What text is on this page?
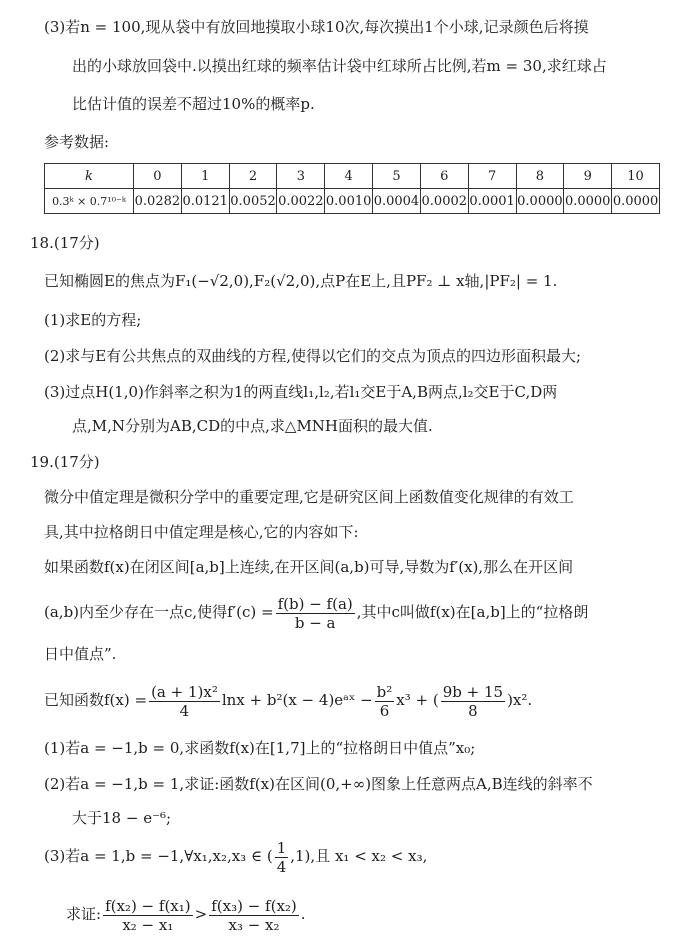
(3)若n = 100,现从袋中有放回地摸取小球10次,每次摸出1个小球,记录颜色后将摸
出的小球放回袋中.以摸出红球的频率估计袋中红球所占比例,若m = 30,求红球占
比估计值的误差不超过10%的概率p.
参考数据:
k	0	1	2	3	4	5	6	7	8	9	10
0.3ᵏ × 0.7¹⁰⁻ᵏ	0.0282	0.0121	0.0052	0.0022	0.0010	0.0004	0.0002	0.0001	0.0000	0.0000	0.0000
18.(17分)
已知椭圆E的焦点为F₁(−√2,0),F₂(√2,0),点P在E上,且PF₂ ⊥ x轴,|PF₂| = 1.
(1)求E的方程;
(2)求与E有公共焦点的双曲线的方程,使得以它们的交点为顶点的四边形面积最大;
(3)过点H(1,0)作斜率之积为1的两直线l₁,l₂,若l₁交E于A,B两点,l₂交E于C,D两
点,M,N分别为AB,CD的中点,求△MNH面积的最大值.
19.(17分)
微分中值定理是微积分学中的重要定理,它是研究区间上函数值变化规律的有效工
具,其中拉格朗日中值定理是核心,它的内容如下:
如果函数f(x)在闭区间[a,b]上连续,在开区间(a,b)可导,导数为f′(x),那么在开区间
(a,b)内至少存在一点c,使得$f'(c) = \frac{f(b) - f(a)}{b - a}$ ,其中c叫做f(x)在[a,b]上的“拉格朗
日中值点”.
已知函数$f(x) = \frac{\text{(a + 1)x²}}{4}$ lnx + b²(x − 4)eᵃˣ − $\frac{\text{b²}}{6} x^3$ + ( $\frac{9b + 15}{8} )x^2$.
(1)若a = −1,b = 0,求函数f(x)在[1,7]上的“拉格朗日中值点”x₀;
(2)若a = −1,b = 1,求证:函数f(x)在区间(0,+∞)图象上任意两点A,B连线的斜率不
大于18 − e⁻⁶;
(3)若a = 1,b = −1,∀x₁,x₂,x₃ ∈ ( $\frac{1}{4} ,1$),且 x₁ < x₂ < x₃,
求证: $\frac{\text{f(x₂) − f(x₁)}}{\text{x₂ − x₁}} > \frac{\text{f(x₃) − f(x₂)}}{\text{x₃ − x₂}}$ .
